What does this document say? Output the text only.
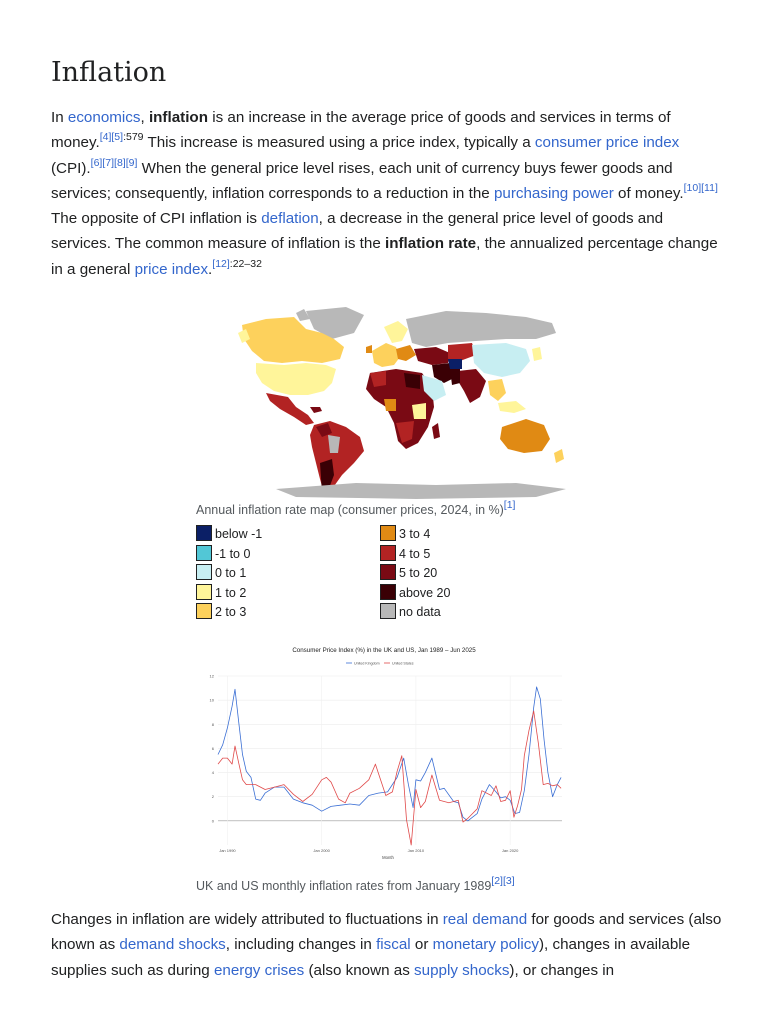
Inflation
In economics, inflation is an increase in the average price of goods and services in terms of money.$^{[4][5]:579}$ This increase is measured using a price index, typically a consumer price index (CPI).[6][7][8][9] When the general price level rises, each unit of currency buys fewer goods and services; consequently, inflation corresponds to a reduction in the purchasing power of money.[10][11] The opposite of CPI inflation is deflation, a decrease in the general price level of goods and services. The common measure of inflation is the inflation rate, the annualized percentage change in a general price index.$^{[12]:22-32}$
Annual inflation rate map (consumer prices, 2024, in %)[1]
below -1
-1 to 0
0 to 1
1 to 2
2 to 3
3 to 4
4 to 5
5 to 20
above 20
no data
Consumer Price Index (%) in the UK and US, Jan 1989 – Jun 2025
United Kingdom	United States
0
2
4
6
8
10
12
Jan 1990	Jan 2000	Jan 2010	Jan 2020
Month
UK and US monthly inflation rates from January 1989[2][3]
Changes in inflation are widely attributed to fluctuations in real demand for goods and services (also known as demand shocks, including changes in fiscal or monetary policy), changes in available supplies such as during energy crises (also known as supply shocks), or changes in
